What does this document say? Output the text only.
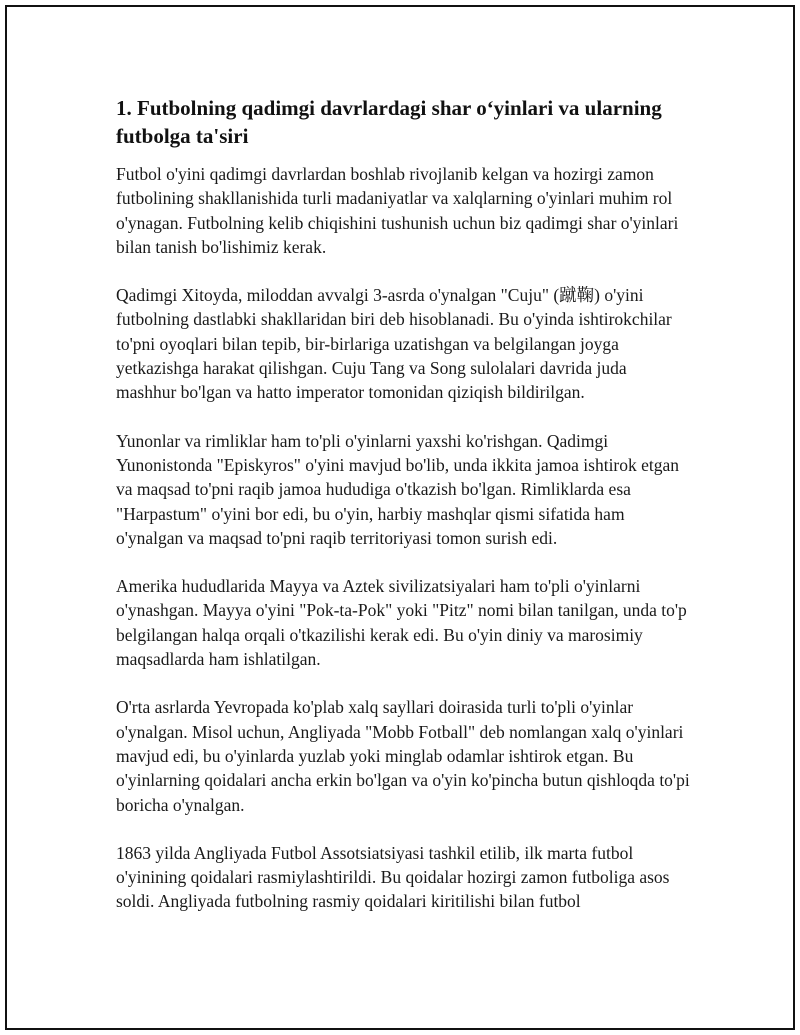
1. Futbolning qadimgi davrlardagi shar o‘yinlari va ularning futbolga ta'siri

Futbol o'yini qadimgi davrlardan boshlab rivojlanib kelgan va hozirgi zamon futbolining shakllanishida turli madaniyatlar va xalqlarning o'yinlari muhim rol o'ynagan. Futbolning kelib chiqishini tushunish uchun biz qadimgi shar o'yinlari bilan tanish bo'lishimiz kerak.

Qadimgi Xitoyda, miloddan avvalgi 3-asrda o'ynalgan "Cuju" (蹴鞠) o'yini futbolning dastlabki shakllaridan biri deb hisoblanadi. Bu o'yinda ishtirokchilar to'pni oyoqlari bilan tepib, bir-birlariga uzatishgan va belgilangan joyga yetkazishga harakat qilishgan. Cuju Tang va Song sulolalari davrida juda mashhur bo'lgan va hatto imperator tomonidan qiziqish bildirilgan.

Yunonlar va rimliklar ham to'pli o'yinlarni yaxshi ko'rishgan. Qadimgi Yunonistonda "Episkyros" o'yini mavjud bo'lib, unda ikkita jamoa ishtirok etgan va maqsad to'pni raqib jamoa hududiga o'tkazish bo'lgan. Rimliklarda esa "Harpastum" o'yini bor edi, bu o'yin, harbiy mashqlar qismi sifatida ham o'ynalgan va maqsad to'pni raqib territoriyasi tomon surish edi.

Amerika hududlarida Mayya va Aztek sivilizatsiyalari ham to'pli o'yinlarni o'ynashgan. Mayya o'yini "Pok-ta-Pok" yoki "Pitz" nomi bilan tanilgan, unda to'p belgilangan halqa orqali o'tkazilishi kerak edi. Bu o'yin diniy va marosimiy maqsadlarda ham ishlatilgan.

O'rta asrlarda Yevropada ko'plab xalq sayllari doirasida turli to'pli o'yinlar o'ynalgan. Misol uchun, Angliyada "Mobb Fotball" deb nomlangan xalq o'yinlari mavjud edi, bu o'yinlarda yuzlab yoki minglab odamlar ishtirok etgan. Bu o'yinlarning qoidalari ancha erkin bo'lgan va o'yin ko'pincha butun qishloqda to'pi boricha o'ynalgan.

1863 yilda Angliyada Futbol Assotsiatsiyasi tashkil etilib, ilk marta futbol o'yinining qoidalari rasmiylashtirildi. Bu qoidalar hozirgi zamon futboliga asos soldi. Angliyada futbolning rasmiy qoidalari kiritilishi bilan futbol
